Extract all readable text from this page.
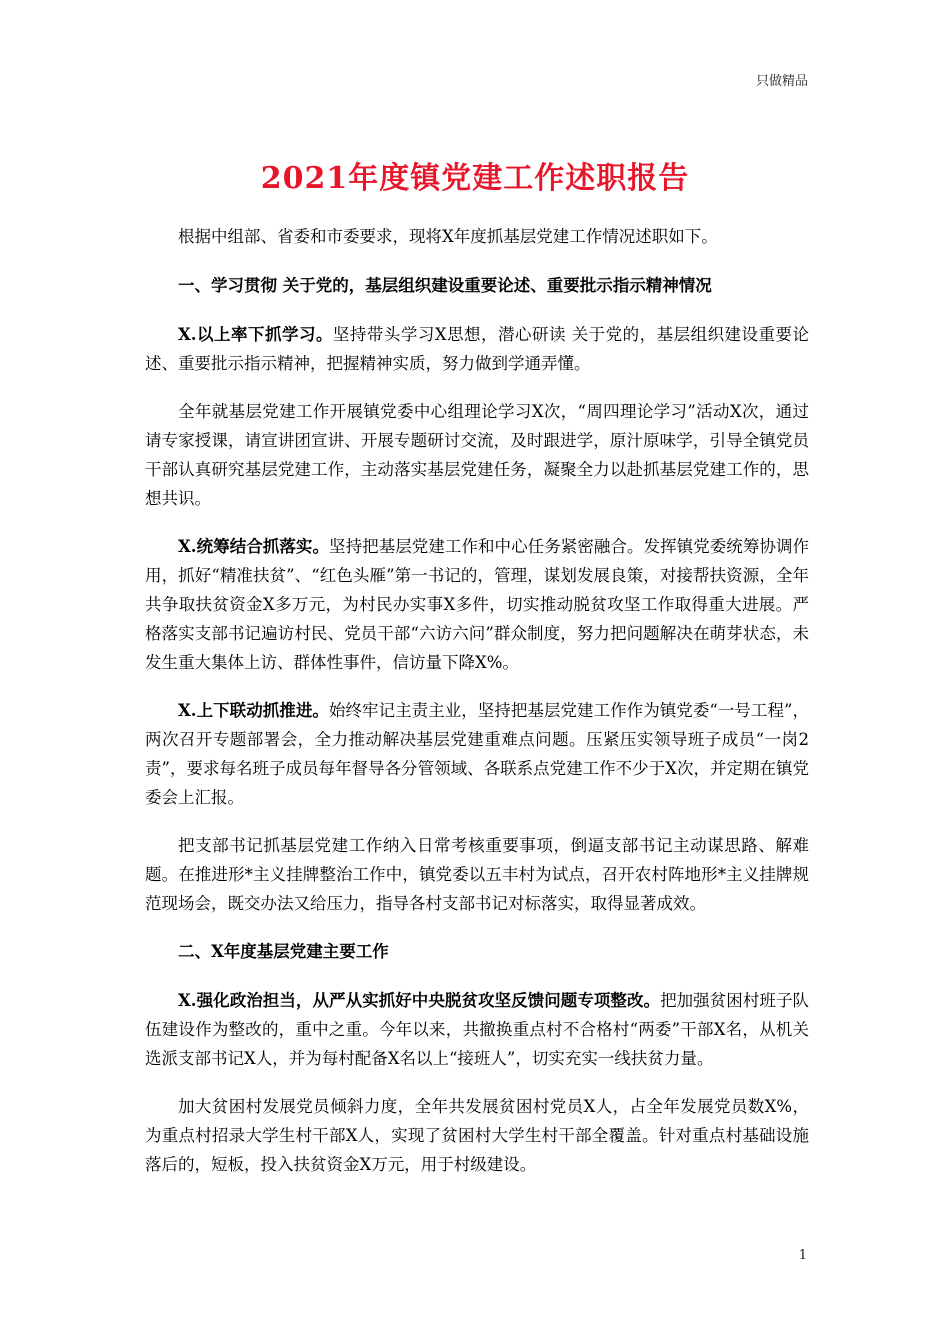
只做精品
2021年度镇党建工作述职报告

根据中组部、省委和市委要求，现将X年度抓基层党建工作情况述职如下。

一、学习贯彻 关于党的，基层组织建设重要论述、重要批示指示精神情况

X.以上率下抓学习。坚持带头学习X思想，潜心研读 关于党的，基层组织建设重要论述、重要批示指示精神，把握精神实质，努力做到学通弄懂。

全年就基层党建工作开展镇党委中心组理论学习X次，“周四理论学习”活动X次，通过请专家授课，请宣讲团宣讲、开展专题研讨交流，及时跟进学，原汁原味学，引导全镇党员干部认真研究基层党建工作，主动落实基层党建任务，凝聚全力以赴抓基层党建工作的，思想共识。

X.统筹结合抓落实。坚持把基层党建工作和中心任务紧密融合。发挥镇党委统筹协调作用，抓好“精准扶贫”、“红色头雁”第一书记的，管理，谋划发展良策，对接帮扶资源，全年共争取扶贫资金X多万元，为村民办实事X多件，切实推动脱贫攻坚工作取得重大进展。严格落实支部书记遍访村民、党员干部“六访六问”群众制度，努力把问题解决在萌芽状态，未发生重大集体上访、群体性事件，信访量下降X%。

X.上下联动抓推进。始终牢记主责主业，坚持把基层党建工作作为镇党委“一号工程”，两次召开专题部署会，全力推动解决基层党建重难点问题。压紧压实领导班子成员“一岗2责”，要求每名班子成员每年督导各分管领域、各联系点党建工作不少于X次，并定期在镇党委会上汇报。

把支部书记抓基层党建工作纳入日常考核重要事项，倒逼支部书记主动谋思路、解难题。在推进形*主义挂牌整治工作中，镇党委以五丰村为试点，召开农村阵地形*主义挂牌规范现场会，既交办法又给压力，指导各村支部书记对标落实，取得显著成效。

二、X年度基层党建主要工作

X.强化政治担当，从严从实抓好中央脱贫攻坚反馈问题专项整改。把加强贫困村班子队伍建设作为整改的，重中之重。今年以来，共撤换重点村不合格村“两委”干部X名，从机关选派支部书记X人，并为每村配备X名以上“接班人”，切实充实一线扶贫力量。

加大贫困村发展党员倾斜力度，全年共发展贫困村党员X人，占全年发展党员数X%，为重点村招录大学生村干部X人，实现了贫困村大学生村干部全覆盖。针对重点村基础设施落后的，短板，投入扶贫资金X万元，用于村级建设。

1
